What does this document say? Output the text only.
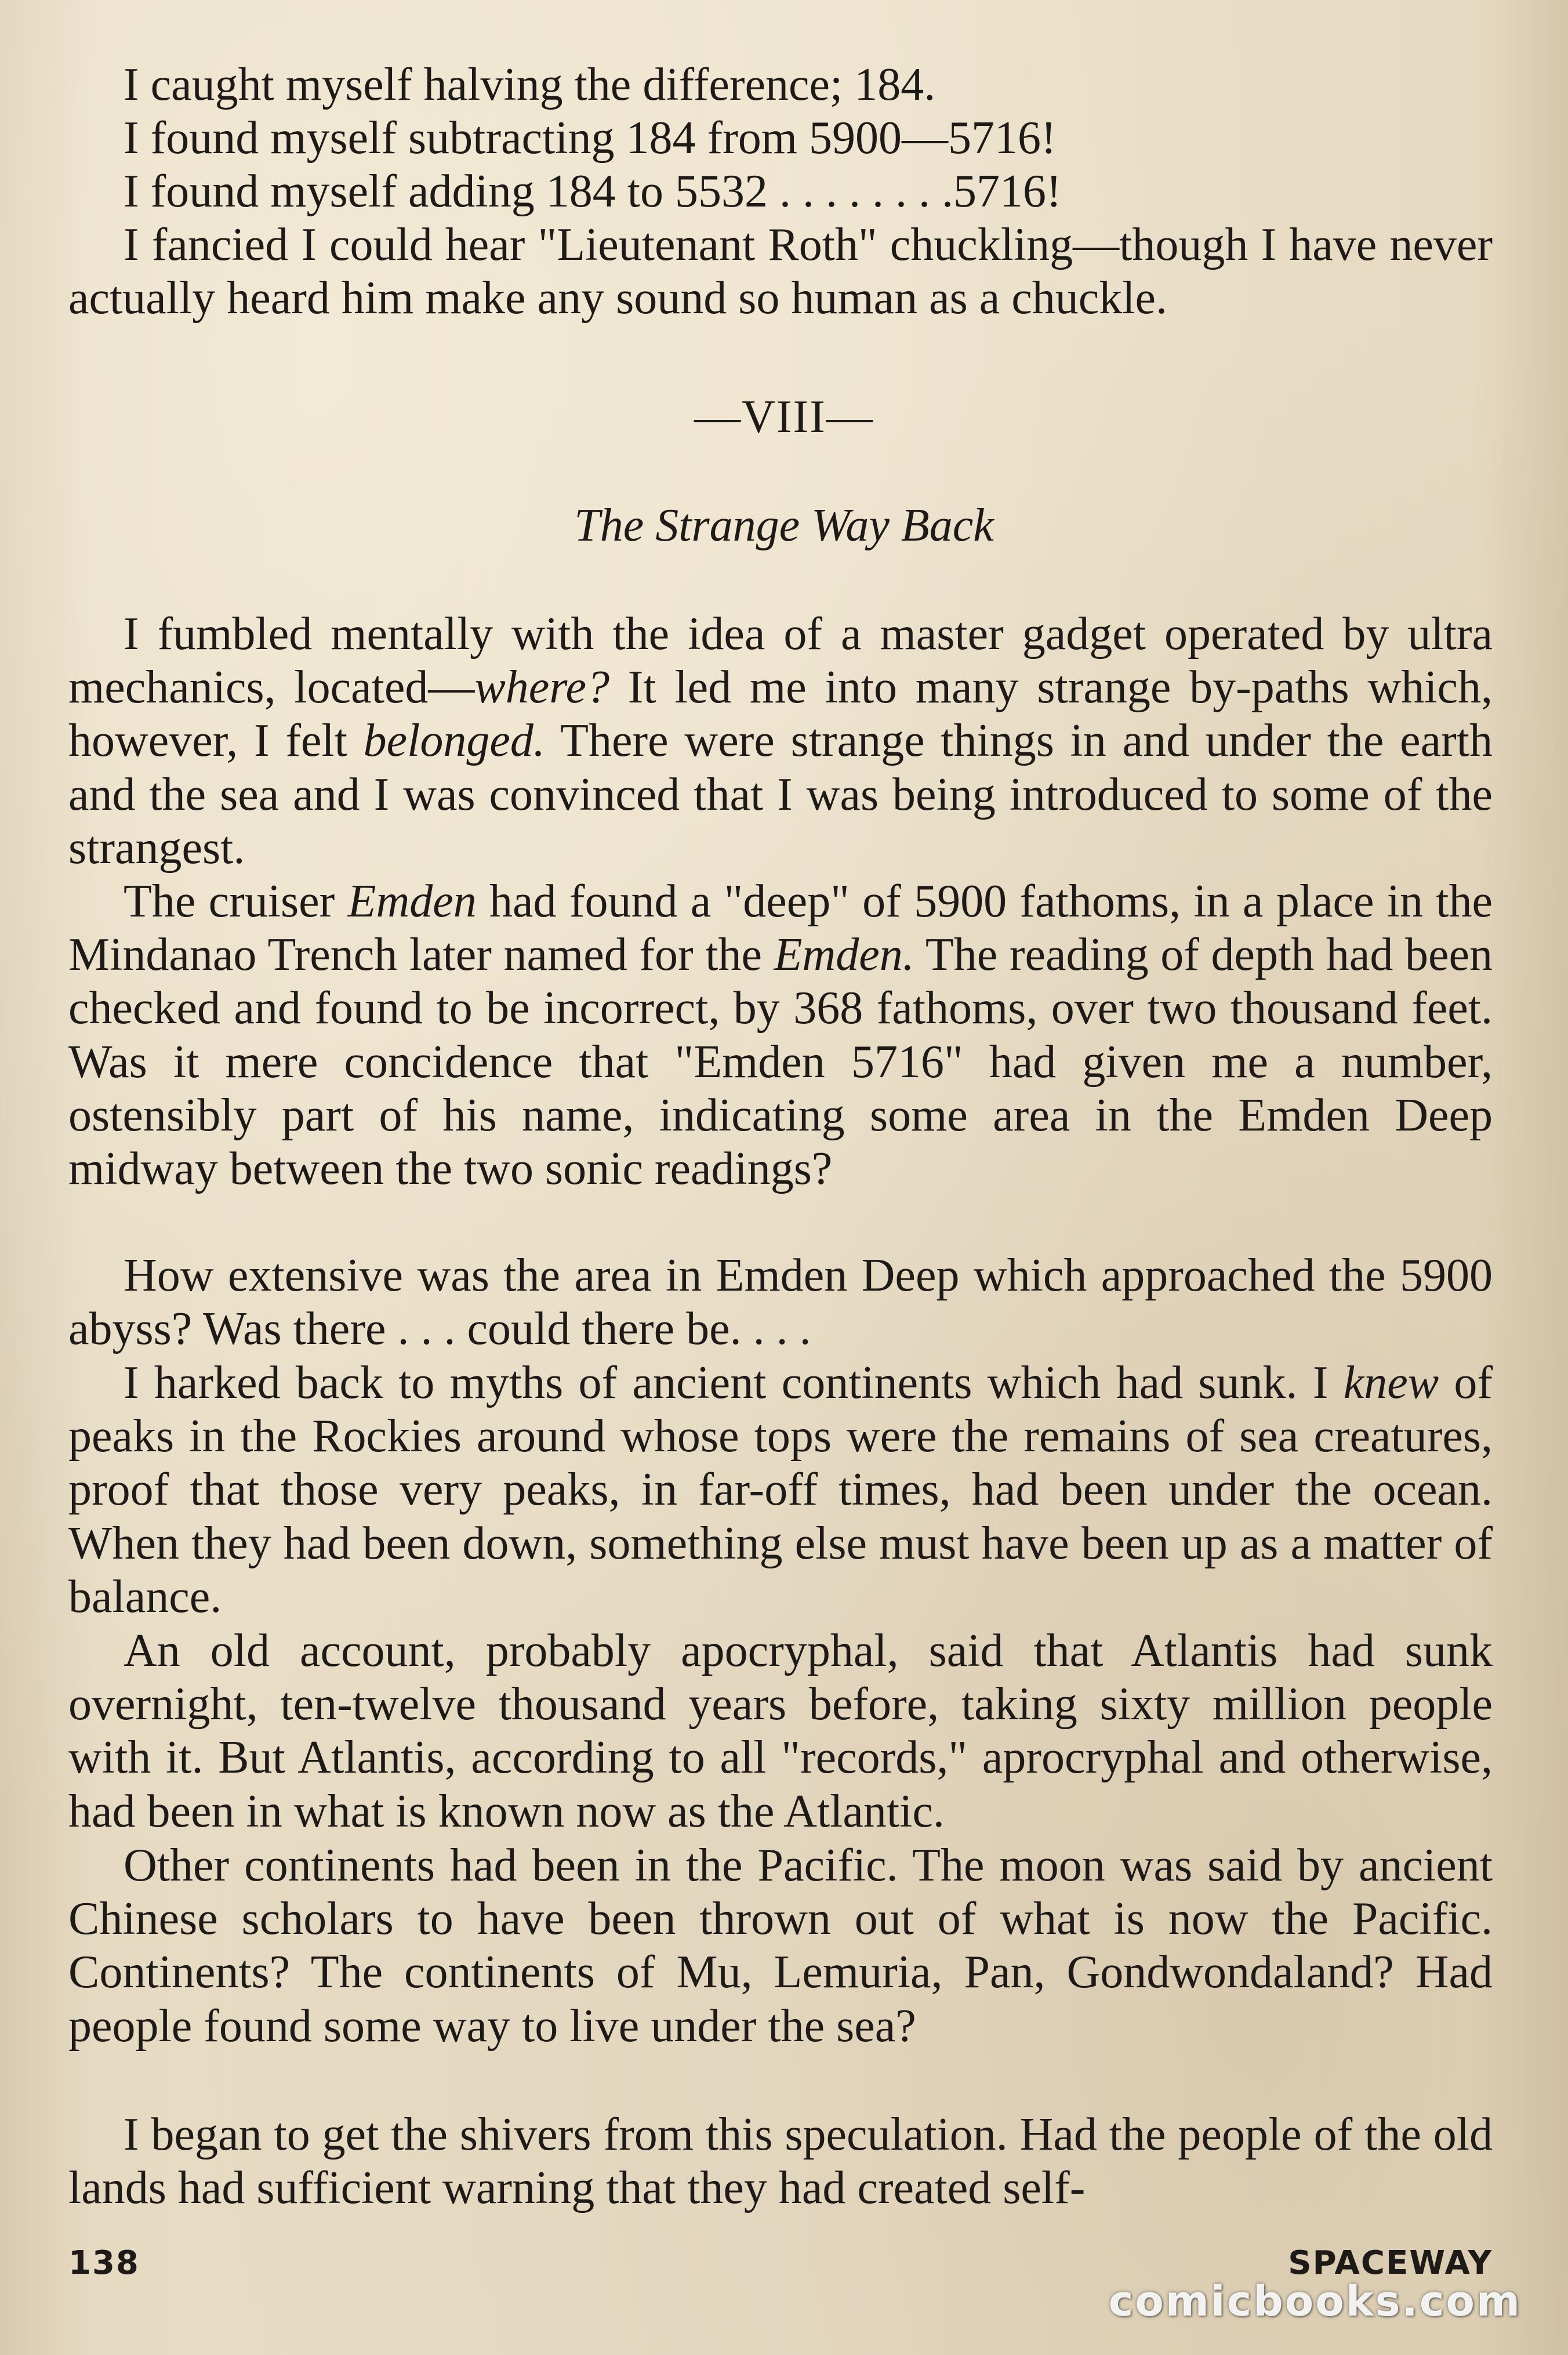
I caught myself halving the difference; 184.
I found myself subtracting 184 from 5900—5716!
I found myself adding 184 to 5532 . . . . . . . .5716!

I fancied I could hear "Lieutenant Roth" chuckling—though I have never actually heard him make any sound so human as a chuckle.

—VIII—
The Strange Way Back

I fumbled mentally with the idea of a master gadget operated by ultra mechanics, located—where? It led me into many strange by-paths which, however, I felt belonged. There were strange things in and under the earth and the sea and I was convinced that I was being introduced to some of the strangest.

The cruiser Emden had found a "deep" of 5900 fathoms, in a place in the Mindanao Trench later named for the Emden. The reading of depth had been checked and found to be incorrect, by 368 fathoms, over two thousand feet. Was it mere concidence that "Emden 5716" had given me a number, ostensibly part of his name, indicating some area in the Emden Deep midway between the two sonic readings?

How extensive was the area in Emden Deep which approached the 5900 abyss? Was there . . . could there be. . . .

I harked back to myths of ancient continents which had sunk. I knew of peaks in the Rockies around whose tops were the remains of sea creatures, proof that those very peaks, in far-off times, had been under the ocean. When they had been down, something else must have been up as a matter of balance.

An old account, probably apocryphal, said that Atlantis had sunk overnight, ten-twelve thousand years before, taking sixty million people with it. But Atlantis, according to all "records," aprocryphal and otherwise, had been in what is known now as the Atlantic.

Other continents had been in the Pacific. The moon was said by ancient Chinese scholars to have been thrown out of what is now the Pacific. Continents? The continents of Mu, Lemuria, Pan, Gondwondaland? Had people found some way to live under the sea?

I began to get the shivers from this speculation. Had the people of the old lands had sufficient warning that they had created self-

138	SPACEWAY
comicbooks.com
